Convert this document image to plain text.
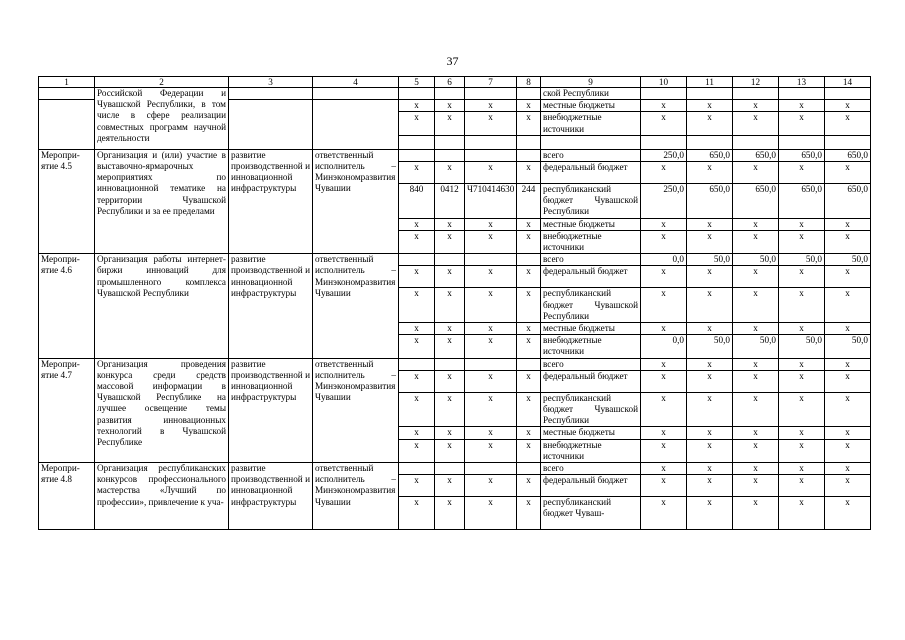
37
1	2	3	4	5	6	7	8	9	10	11	12	13	14
	Российской Федерации и Чувашской Республики, в том числе в сфере реализации совместных программ научной деятельности							ской Республики					
				х	х	х	х	местные бюджеты	х	х	х	х	х
				х	х	х	х	внебюджетные источники	х	х	х	х	х

Меропри-ятие 4.5	Организация и (или) участие в выставочно-ярмарочных мероприятиях по инновационной тематике на территории Чувашской Республики и за ее пределами	развитие производственной и инновационной инфраструктуры	ответственный исполнитель – Минэкономразвития Чувашии					всего	250,0	650,0	650,0	650,0	650,0
				х	х	х	х	федеральный бюджет	х	х	х	х	х
				840	0412	Ч710414630	244	республиканский бюджет Чувашской Республики	250,0	650,0	650,0	650,0	650,0
				х	х	х	х	местные бюджеты	х	х	х	х	х
				х	х	х	х	внебюджетные источники	х	х	х	х	х
Меропри-ятие 4.6	Организация работы интернет-биржи инноваций для промышленного комплекса Чувашской Республики	развитие производственной и инновационной инфраструктуры	ответственный исполнитель – Минэкономразвития Чувашии					всего	0,0	50,0	50,0	50,0	50,0
				х	х	х	х	федеральный бюджет	х	х	х	х	х
				х	х	х	х	республиканский бюджет Чувашской Республики	х	х	х	х	х
				х	х	х	х	местные бюджеты	х	х	х	х	х
				х	х	х	х	внебюджетные источники	0,0	50,0	50,0	50,0	50,0
Меропри-ятие 4.7	Организация проведения конкурса среди средств массовой информации в Чувашской Республике на лучшее освещение темы развития инновационных технологий в Чувашской Республике	развитие производственной и инновационной инфраструктуры	ответственный исполнитель – Минэкономразвития Чувашии					всего	х	х	х	х	х
				х	х	х	х	федеральный бюджет	х	х	х	х	х
				х	х	х	х	республиканский бюджет Чувашской Республики	х	х	х	х	х
				х	х	х	х	местные бюджеты	х	х	х	х	х
				х	х	х	х	внебюджетные источники	х	х	х	х	х
Меропри-ятие 4.8	Организация республиканских конкурсов профессионального мастерства «Лучший по профессии», привлечение к уча-	развитие производственной и инновационной инфраструктуры	ответственный исполнитель – Минэкономразвития Чувашии					всего	х	х	х	х	х
				х	х	х	х	федеральный бюджет	х	х	х	х	х
				х	х	х	х	республиканский бюджет Чуваш-	х	х	х	х	х
